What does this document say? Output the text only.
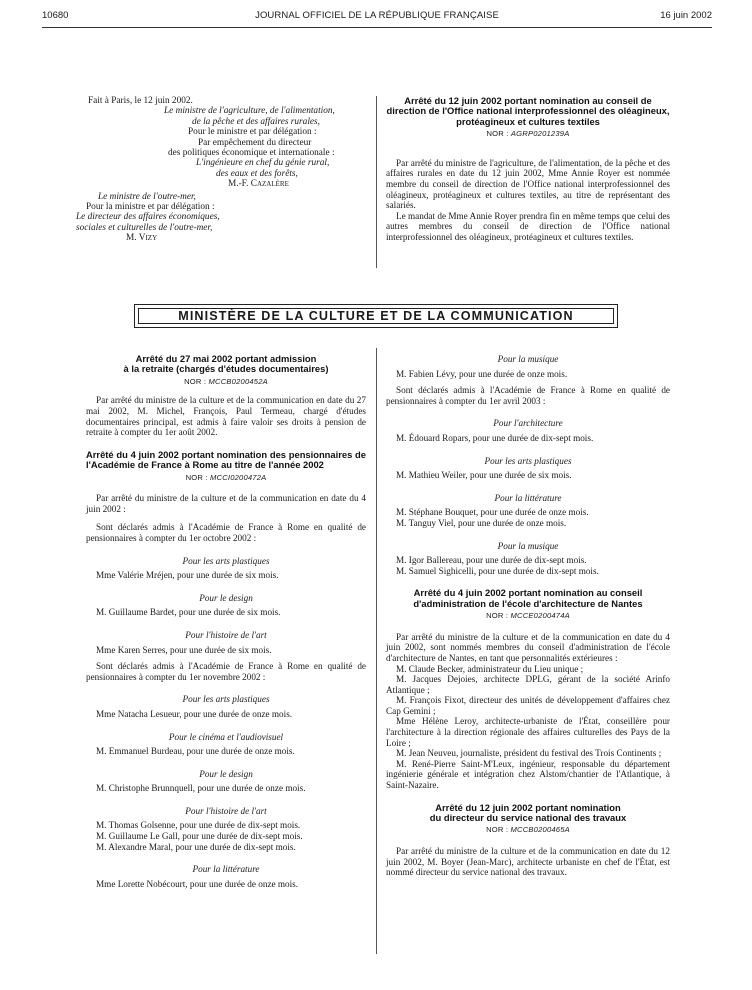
10680	JOURNAL OFFICIEL DE LA RÉPUBLIQUE FRANÇAISE	16 juin 2002
Fait à Paris, le 12 juin 2002.
Le ministre de l'agriculture, de l'alimentation,
de la pêche et des affaires rurales,
Pour le ministre et par délégation :
Par empêchement du directeur
des politiques économique et internationale :
L'ingénieure en chef du génie rural,
des eaux et des forêts,
M.-F. Cazalère
Le ministre de l'outre-mer,
Pour la ministre et par délégation :
Le directeur des affaires économiques,
sociales et culturelles de l'outre-mer,
M. Vizy
Arrêté du 12 juin 2002 portant nomination au conseil de direction de l'Office national interprofessionnel des oléagineux, protéagineux et cultures textiles
NOR : AGRP0201239A

Par arrêté du ministre de l'agriculture, de l'alimentation, de la pêche et des affaires rurales en date du 12 juin 2002, Mme Annie Royer est nommée membre du conseil de direction de l'Office national interprofessionnel des oléagineux, protéagineux et cultures textiles, au titre de représentant des salariés.

Le mandat de Mme Annie Royer prendra fin en même temps que celui des autres membres du conseil de direction de l'Office national interprofessionnel des oléagineux, protéagineux et cultures textiles.

MINISTÈRE DE LA CULTURE ET DE LA COMMUNICATION
Arrêté du 27 mai 2002 portant admission
à la retraite (chargés d'études documentaires)
NOR : MCCB0200452A

Par arrêté du ministre de la culture et de la communication en date du 27 mai 2002, M. Michel, François, Paul Termeau, chargé d'études documentaires principal, est admis à faire valoir ses droits à pension de retraite à compter du 1er août 2002.

Arrêté du 4 juin 2002 portant nomination des pensionnaires de l'Académie de France à Rome au titre de l'année 2002
NOR : MCCI0200472A

Par arrêté du ministre de la culture et de la communication en date du 4 juin 2002 :

Sont déclarés admis à l'Académie de France à Rome en qualité de pensionnaires à compter du 1er octobre 2002 :

Pour les arts plastiques

Mme Valérie Mréjen, pour une durée de six mois.

Pour le design

M. Guillaume Bardet, pour une durée de six mois.

Pour l'histoire de l'art

Mme Karen Serres, pour une durée de six mois.

Sont déclarés admis à l'Académie de France à Rome en qualité de pensionnaires à compter du 1er novembre 2002 :

Pour les arts plastiques

Mme Natacha Lesueur, pour une durée de onze mois.

Pour le cinéma et l'audiovisuel

M. Emmanuel Burdeau, pour une durée de onze mois.

Pour le design

M. Christophe Brunnquell, pour une durée de onze mois.

Pour l'histoire de l'art

M. Thomas Golsenne, pour une durée de dix-sept mois.

M. Guillaume Le Gall, pour une durée de dix-sept mois.

M. Alexandre Maral, pour une durée de dix-sept mois.

Pour la littérature

Mme Lorette Nobécourt, pour une durée de onze mois.

Pour la musique

M. Fabien Lévy, pour une durée de onze mois.

Sont déclarés admis à l'Académie de France à Rome en qualité de pensionnaires à compter du 1er avril 2003 :

Pour l'architecture

M. Édouard Ropars, pour une durée de dix-sept mois.

Pour les arts plastiques

M. Mathieu Weiler, pour une durée de six mois.

Pour la littérature

M. Stéphane Bouquet, pour une durée de onze mois.

M. Tanguy Viel, pour une durée de onze mois.

Pour la musique

M. Igor Ballereau, pour une durée de dix-sept mois.

M. Samuel Sighicelli, pour une durée de dix-sept mois.

Arrêté du 4 juin 2002 portant nomination au conseil d'administration de l'école d'architecture de Nantes
NOR : MCCE0200474A

Par arrêté du ministre de la culture et de la communication en date du 4 juin 2002, sont nommés membres du conseil d'administration de l'école d'architecture de Nantes, en tant que personnalités extérieures :

M. Claude Becker, administrateur du Lieu unique ;

M. Jacques Dejoies, architecte DPLG, gérant de la société Arinfo Atlantique ;

M. François Fixot, directeur des unités de développement d'affaires chez Cap Gemini ;

Mme Hélène Leroy, architecte-urbaniste de l'État, conseillère pour l'architecture à la direction régionale des affaires culturelles des Pays de la Loire ;

M. Jean Neuveu, journaliste, président du festival des Trois Continents ;

M. René-Pierre Saint-M'Leux, ingénieur, responsable du département ingénierie générale et intégration chez Alstom/chantier de l'Atlantique, à Saint-Nazaire.

Arrêté du 12 juin 2002 portant nomination
du directeur du service national des travaux
NOR : MCCB0200465A

Par arrêté du ministre de la culture et de la communication en date du 12 juin 2002, M. Boyer (Jean-Marc), architecte urbaniste en chef de l'État, est nommé directeur du service national des travaux.
